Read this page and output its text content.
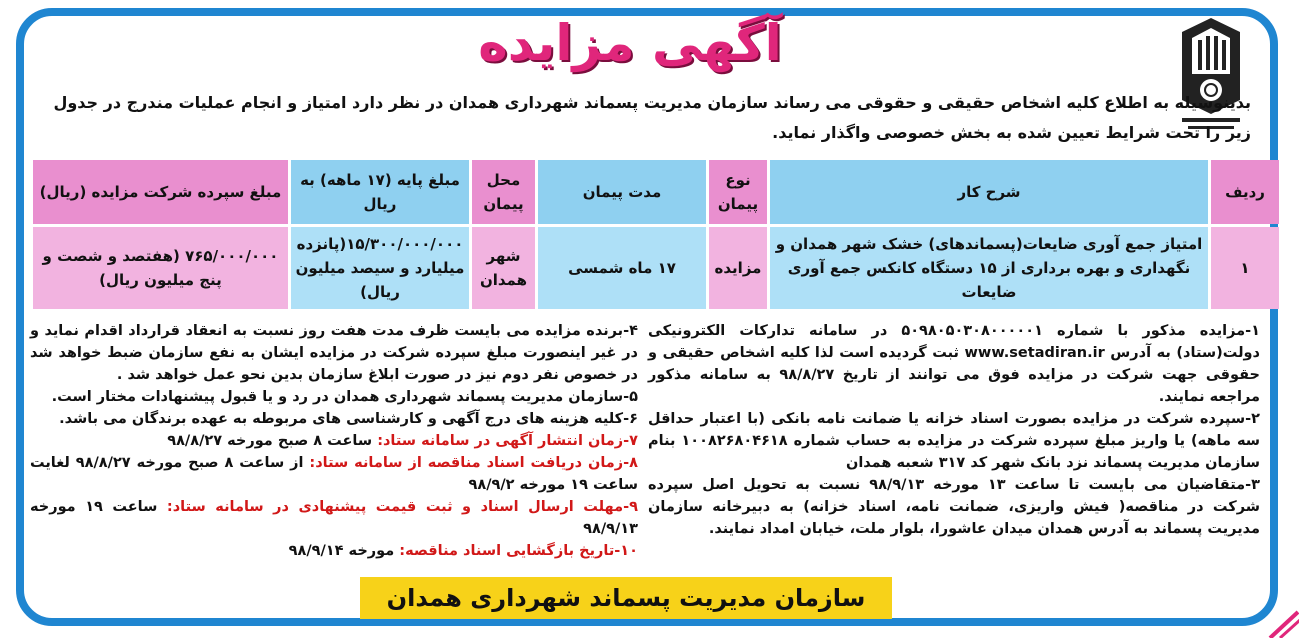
آگهی مزایده
بدینوسیله به اطلاع کلیه اشخاص حقیقی و حقوقی می رساند سازمان مدیریت پسماند شهرداری همدان در نظر دارد امتیاز و انجام عملیات مندرج در جدول زیر را تحت شرایط تعیین شده به بخش خصوصی واگذار نماید.
ردیف	شرح کار	نوع پیمان	مدت پیمان	محل پیمان	مبلغ پایه (۱۷ ماهه) به ریال	مبلغ سپرده شرکت مزایده (ریال)
۱	امتیاز جمع آوری ضایعات(پسماندهای) خشک شهر همدان و نگهداری و بهره برداری از ۱۵ دستگاه کانکس جمع آوری ضایعات	مزایده	۱۷ ماه شمسی	شهر همدان	۱۵/۳۰۰/۰۰۰/۰۰۰(پانزده میلیارد و سیصد میلیون ریال)	۷۶۵/۰۰۰/۰۰۰ (هفتصد و شصت و پنج میلیون ریال)

۱-مزایده مذکور با شماره ۵۰۹۸۰۵۰۳۰۸۰۰۰۰۰۱ در سامانه تدارکات الکترونیکی دولت(ستاد) به آدرس www.setadiran.ir ثبت گردیده است لذا کلیه اشخاص حقیقی و حقوقی جهت شرکت در مزایده فوق می توانند از تاریخ ۹۸/۸/۲۷ به سامانه مذکور مراجعه نمایند.

۲-سپرده شرکت در مزایده بصورت اسناد خزانه یا ضمانت نامه بانکی (با اعتبار حداقل سه ماهه) یا واریز مبلغ سپرده شرکت در مزایده به حساب شماره ۱۰۰۸۲۶۸۰۴۶۱۸ بنام سازمان مدیریت پسماند نزد بانک شهر کد ۳۱۷ شعبه همدان

۳-متقاضیان می بایست تا ساعت ۱۳ مورخه ۹۸/۹/۱۳ نسبت به تحویل اصل سپرده شرکت در مناقصه( فیش واریزی، ضمانت نامه، اسناد خزانه) به دبیرخانه سازمان مدیریت پسماند به آدرس همدان میدان عاشورا، بلوار ملت، خیابان امداد نمایند.

۴-برنده مزایده می بایست ظرف مدت هفت روز نسبت به انعقاد قرارداد اقدام نماید و در غیر اینصورت مبلغ سپرده شرکت در مزایده ایشان به نفع سازمان ضبط خواهد شد در خصوص نفر دوم نیز در صورت ابلاغ سازمان بدین نحو عمل خواهد شد .

۵-سازمان مدیریت پسماند شهرداری همدان در رد و یا قبول پیشنهادات مختار است.

۶-کلیه هزینه های درج آگهی و کارشناسی های مربوطه به عهده برندگان می باشد.

۷-زمان انتشار آگهی در سامانه ستاد: ساعت ۸ صبح مورخه ۹۸/۸/۲۷

۸-زمان دریافت اسناد مناقصه از سامانه ستاد: از ساعت ۸ صبح مورخه ۹۸/۸/۲۷ لغایت ساعت ۱۹ مورخه ۹۸/۹/۲

۹-مهلت ارسال اسناد و ثبت قیمت پیشنهادی در سامانه ستاد: ساعت ۱۹ مورخه ۹۸/۹/۱۳

۱۰-تاریخ بازگشایی اسناد مناقصه: مورخه ۹۸/۹/۱۴

سازمان مدیریت پسماند شهرداری همدان
